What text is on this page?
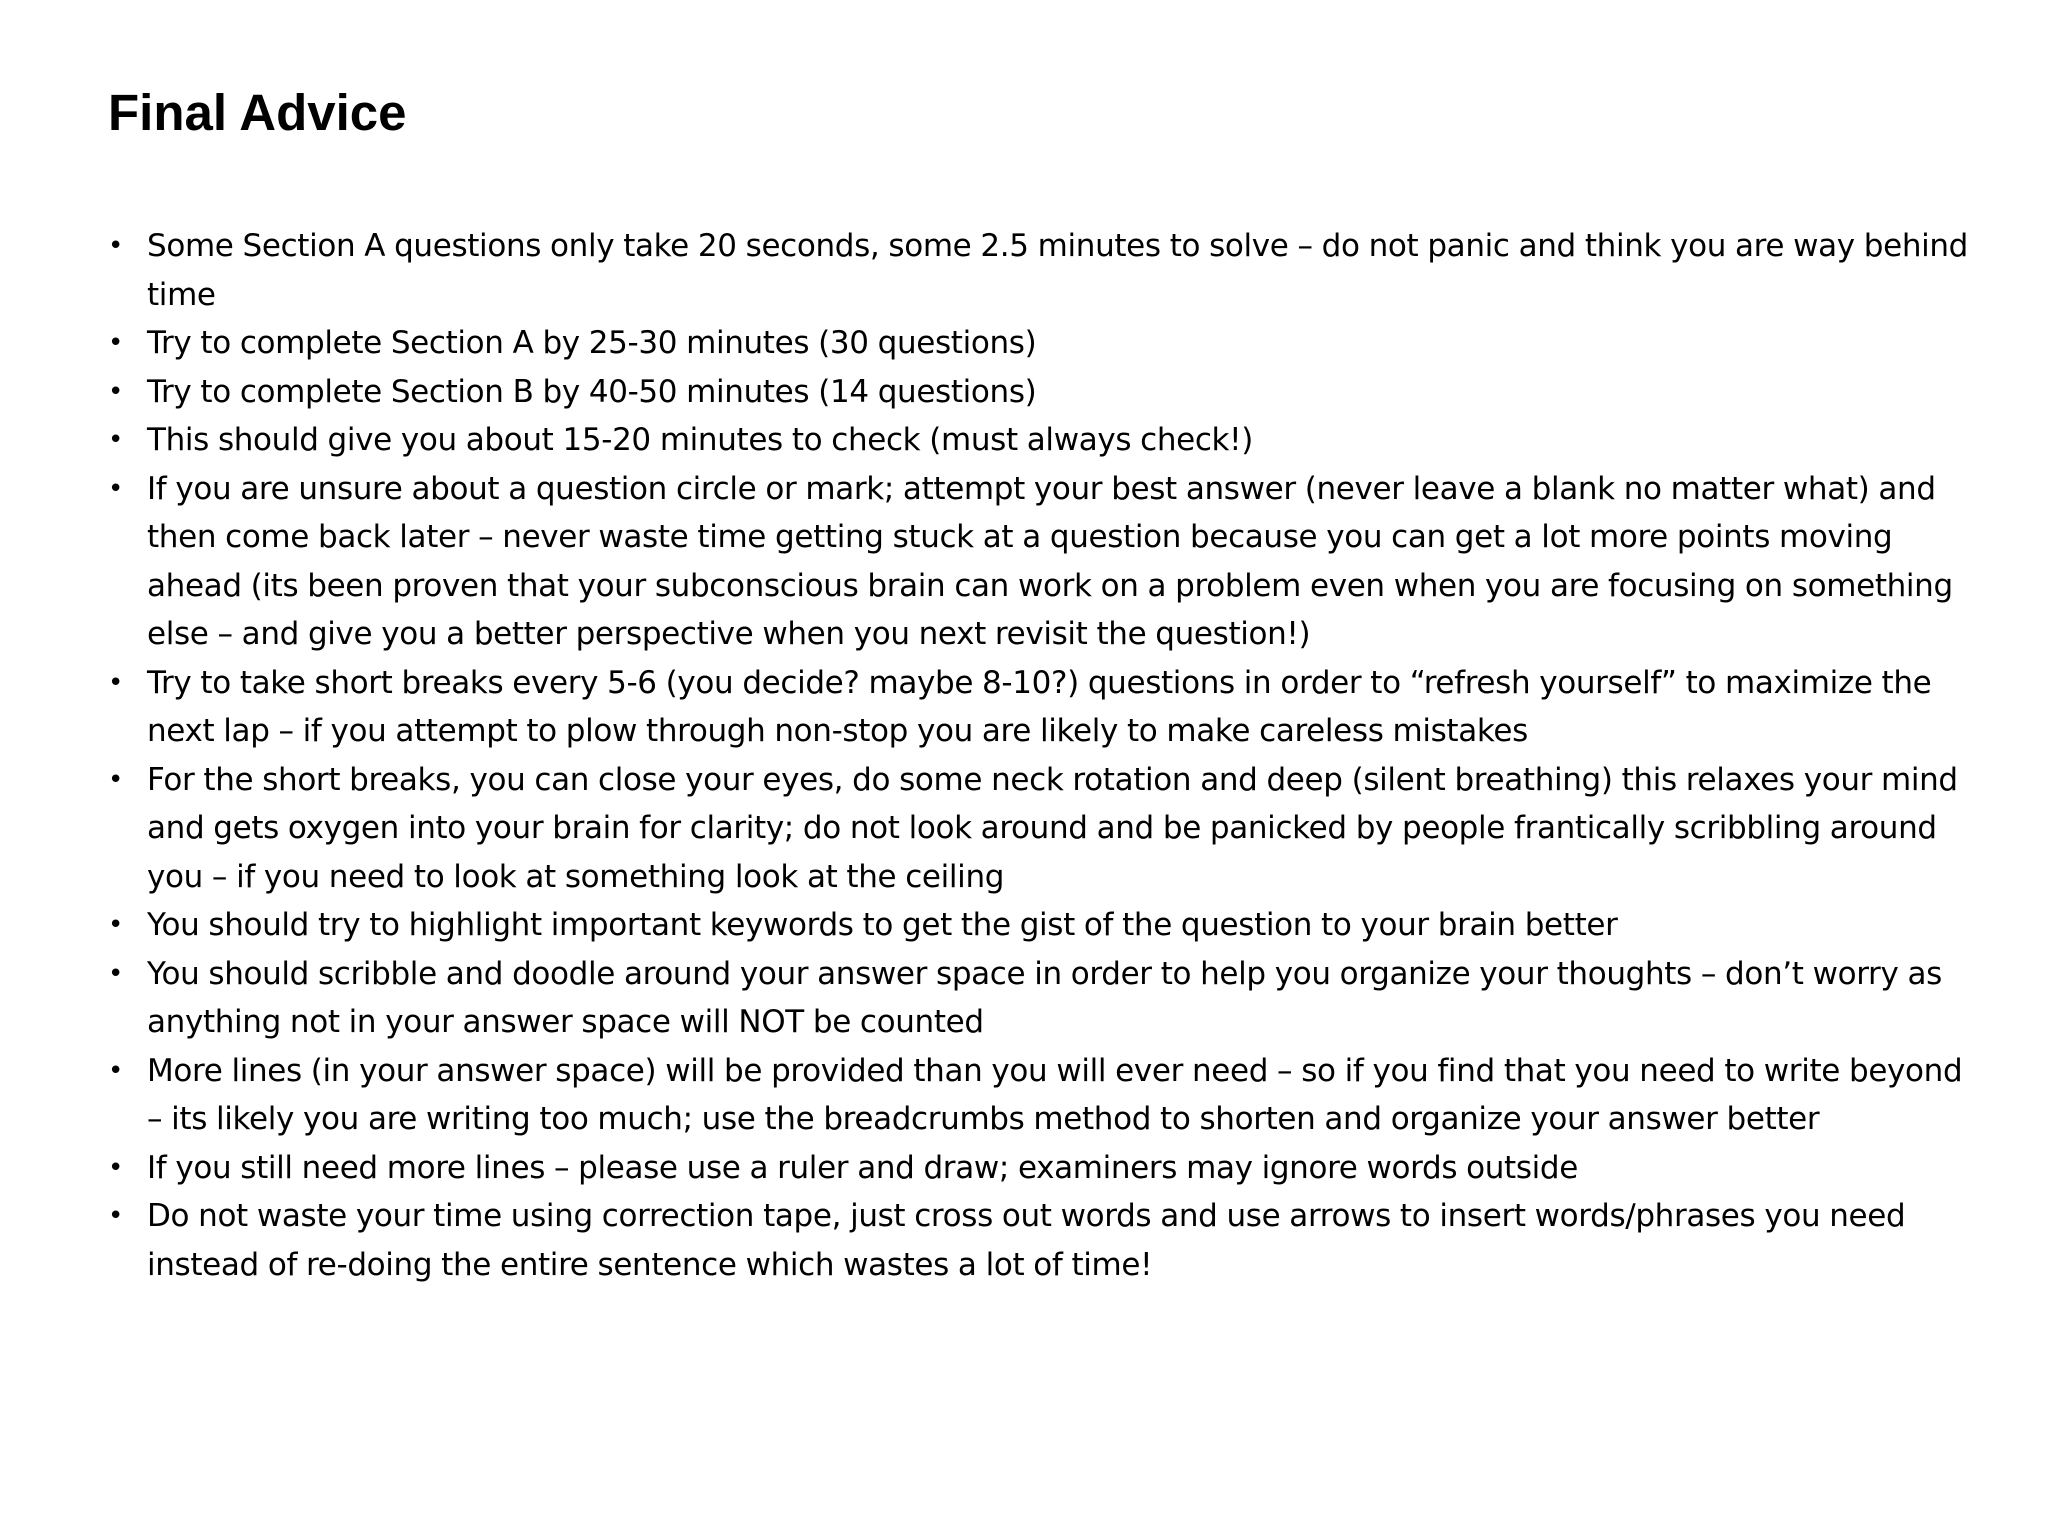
Final Advice
• Some Section A questions only take 20 seconds, some 2.5 minutes to solve – do not panic and think you are way behind time
• Try to complete Section A by 25-30 minutes (30 questions)
• Try to complete Section B by 40-50 minutes (14 questions)
• This should give you about 15-20 minutes to check (must always check!)
• If you are unsure about a question circle or mark; attempt your best answer (never leave a blank no matter what) and then come back later – never waste time getting stuck at a question because you can get a lot more points moving ahead (its been proven that your subconscious brain can work on a problem even when you are focusing on something else – and give you a better perspective when you next revisit the question!)
• Try to take short breaks every 5-6 (you decide? maybe 8-10?) questions in order to “refresh yourself” to maximize the next lap – if you attempt to plow through non-stop you are likely to make careless mistakes
• For the short breaks, you can close your eyes, do some neck rotation and deep (silent breathing) this relaxes your mind and gets oxygen into your brain for clarity; do not look around and be panicked by people frantically scribbling around you – if you need to look at something look at the ceiling
• You should try to highlight important keywords to get the gist of the question to your brain better
• You should scribble and doodle around your answer space in order to help you organize your thoughts – don’t worry as anything not in your answer space will NOT be counted
• More lines (in your answer space) will be provided than you will ever need – so if you find that you need to write beyond – its likely you are writing too much; use the breadcrumbs method to shorten and organize your answer better
• If you still need more lines – please use a ruler and draw; examiners may ignore words outside
• Do not waste your time using correction tape, just cross out words and use arrows to insert words/phrases you need instead of re-doing the entire sentence which wastes a lot of time!
